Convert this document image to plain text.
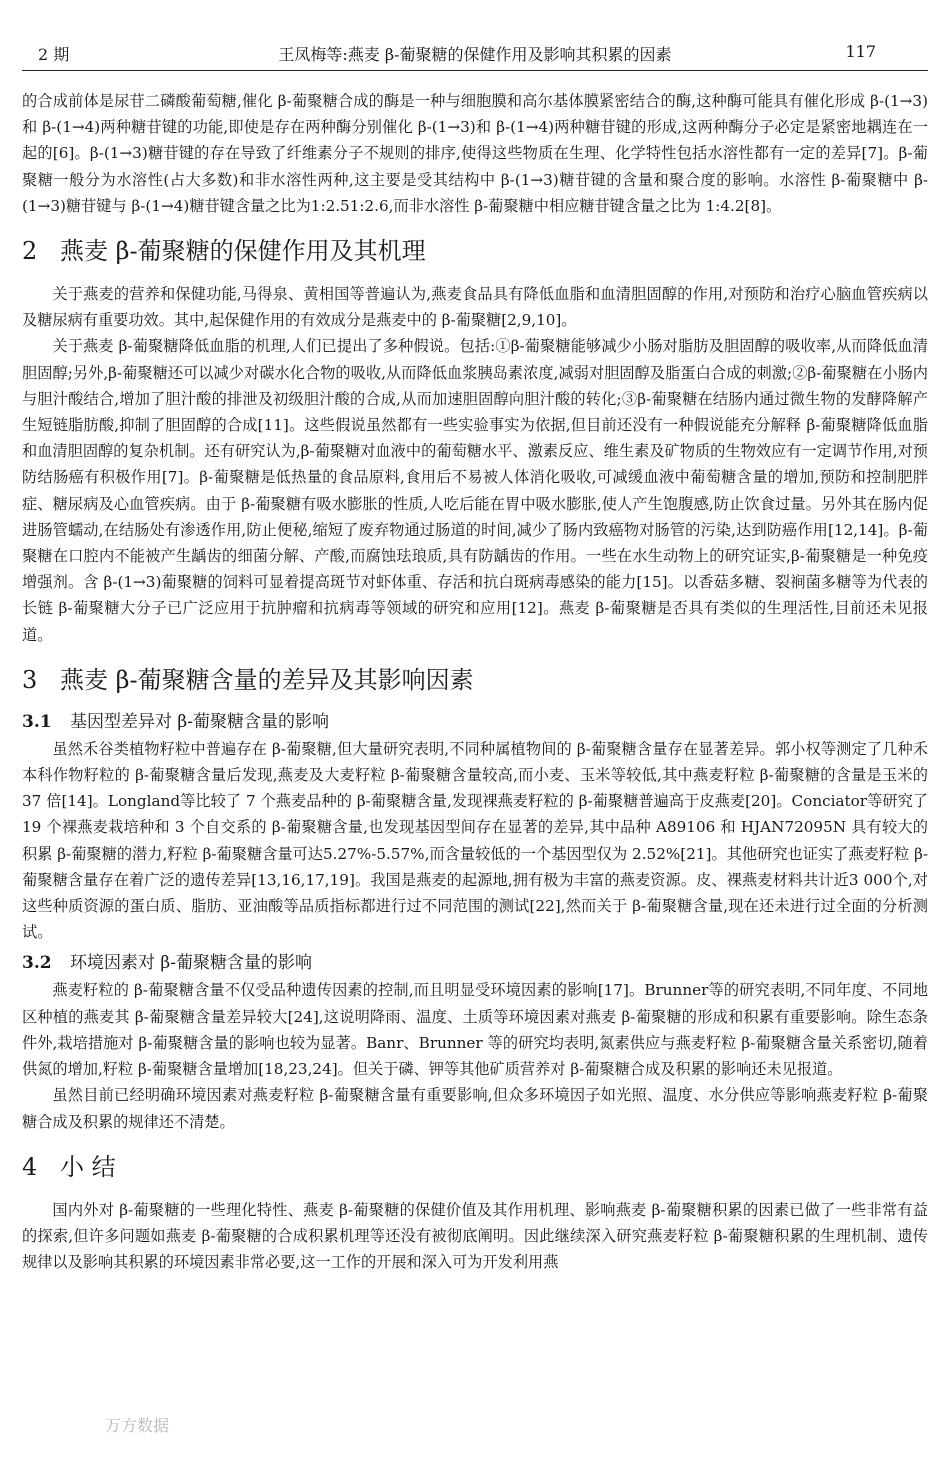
2 期	王凤梅等:燕麦 β-葡聚糖的保健作用及影响其积累的因素	117

的合成前体是尿苷二磷酸葡萄糖,催化 β-葡聚糖合成的酶是一种与细胞膜和高尔基体膜紧密结合的酶,这种酶可能具有催化形成 β-(1→3)和 β-(1→4)两种糖苷键的功能,即使是存在两种酶分别催化 β-(1→3)和 β-(1→4)两种糖苷键的形成,这两种酶分子必定是紧密地耦连在一起的[6]。β-(1→3)糖苷键的存在导致了纤维素分子不规则的排序,使得这些物质在生理、化学特性包括水溶性都有一定的差异[7]。β-葡聚糖一般分为水溶性(占大多数)和非水溶性两种,这主要是受其结构中 β-(1→3)糖苷键的含量和聚合度的影响。水溶性 β-葡聚糖中 β-(1→3)糖苷键与 β-(1→4)糖苷键含量之比为1:2.51:2.6,而非水溶性 β-葡聚糖中相应糖苷键含量之比为 1:4.2[8]。

2 燕麦 β-葡聚糖的保健作用及其机理

关于燕麦的营养和保健功能,马得泉、黄相国等普遍认为,燕麦食品具有降低血脂和血清胆固醇的作用,对预防和治疗心脑血管疾病以及糖尿病有重要功效。其中,起保健作用的有效成分是燕麦中的 β-葡聚糖[2,9,10]。

关于燕麦 β-葡聚糖降低血脂的机理,人们已提出了多种假说。包括:①β-葡聚糖能够减少小肠对脂肪及胆固醇的吸收率,从而降低血清胆固醇;另外,β-葡聚糖还可以减少对碳水化合物的吸收,从而降低血浆胰岛素浓度,减弱对胆固醇及脂蛋白合成的刺激;②β-葡聚糖在小肠内与胆汁酸结合,增加了胆汁酸的排泄及初级胆汁酸的合成,从而加速胆固醇向胆汁酸的转化;③β-葡聚糖在结肠内通过微生物的发酵降解产生短链脂肪酸,抑制了胆固醇的合成[11]。这些假说虽然都有一些实验事实为依据,但目前还没有一种假说能充分解释 β-葡聚糖降低血脂和血清胆固醇的复杂机制。还有研究认为,β-葡聚糖对血液中的葡萄糖水平、激素反应、维生素及矿物质的生物效应有一定调节作用,对预防结肠癌有积极作用[7]。β-葡聚糖是低热量的食品原料,食用后不易被人体消化吸收,可减缓血液中葡萄糖含量的增加,预防和控制肥胖症、糖尿病及心血管疾病。由于 β-葡聚糖有吸水膨胀的性质,人吃后能在胃中吸水膨胀,使人产生饱腹感,防止饮食过量。另外其在肠内促进肠管蠕动,在结肠处有渗透作用,防止便秘,缩短了废弃物通过肠道的时间,减少了肠内致癌物对肠管的污染,达到防癌作用[12,14]。β-葡聚糖在口腔内不能被产生龋齿的细菌分解、产酸,而腐蚀珐琅质,具有防龋齿的作用。一些在水生动物上的研究证实,β-葡聚糖是一种免疫增强剂。含 β-(1→3)葡聚糖的饲料可显着提高斑节对虾体重、存活和抗白斑病毒感染的能力[15]。以香菇多糖、裂裥菌多糖等为代表的长链 β-葡聚糖大分子已广泛应用于抗肿瘤和抗病毒等领域的研究和应用[12]。燕麦 β-葡聚糖是否具有类似的生理活性,目前还未见报道。

3 燕麦 β-葡聚糖含量的差异及其影响因素
3.1 基因型差异对 β-葡聚糖含量的影响

虽然禾谷类植物籽粒中普遍存在 β-葡聚糖,但大量研究表明,不同种属植物间的 β-葡聚糖含量存在显著差异。郭小权等测定了几种禾本科作物籽粒的 β-葡聚糖含量后发现,燕麦及大麦籽粒 β-葡聚糖含量较高,而小麦、玉米等较低,其中燕麦籽粒 β-葡聚糖的含量是玉米的 37 倍[14]。Longland等比较了 7 个燕麦品种的 β-葡聚糖含量,发现裸燕麦籽粒的 β-葡聚糖普遍高于皮燕麦[20]。Conciator等研究了 19 个裸燕麦栽培种和 3 个自交系的 β-葡聚糖含量,也发现基因型间存在显著的差异,其中品种 A89106 和 HJAN72095N 具有较大的积累 β-葡聚糖的潜力,籽粒 β-葡聚糖含量可达5.27%-5.57%,而含量较低的一个基因型仅为 2.52%[21]。其他研究也证实了燕麦籽粒 β-葡聚糖含量存在着广泛的遗传差异[13,16,17,19]。我国是燕麦的起源地,拥有极为丰富的燕麦资源。皮、裸燕麦材料共计近3 000个,对这些种质资源的蛋白质、脂肪、亚油酸等品质指标都进行过不同范围的测试[22],然而关于 β-葡聚糖含量,现在还未进行过全面的分析测试。

3.2 环境因素对 β-葡聚糖含量的影响

燕麦籽粒的 β-葡聚糖含量不仅受品种遗传因素的控制,而且明显受环境因素的影响[17]。Brunner等的研究表明,不同年度、不同地区种植的燕麦其 β-葡聚糖含量差异较大[24],这说明降雨、温度、土质等环境因素对燕麦 β-葡聚糖的形成和积累有重要影响。除生态条件外,栽培措施对 β-葡聚糖含量的影响也较为显著。Banr、Brunner 等的研究均表明,氮素供应与燕麦籽粒 β-葡聚糖含量关系密切,随着供氮的增加,籽粒 β-葡聚糖含量增加[18,23,24]。但关于磷、钾等其他矿质营养对 β-葡聚糖合成及积累的影响还未见报道。

虽然目前已经明确环境因素对燕麦籽粒 β-葡聚糖含量有重要影响,但众多环境因子如光照、温度、水分供应等影响燕麦籽粒 β-葡聚糖合成及积累的规律还不清楚。

4 小 结

国内外对 β-葡聚糖的一些理化特性、燕麦 β-葡聚糖的保健价值及其作用机理、影响燕麦 β-葡聚糖积累的因素已做了一些非常有益的探索,但许多问题如燕麦 β-葡聚糖的合成积累机理等还没有被彻底阐明。因此继续深入研究燕麦籽粒 β-葡聚糖积累的生理机制、遗传规律以及影响其积累的环境因素非常必要,这一工作的开展和深入可为开发利用燕

万方数据
